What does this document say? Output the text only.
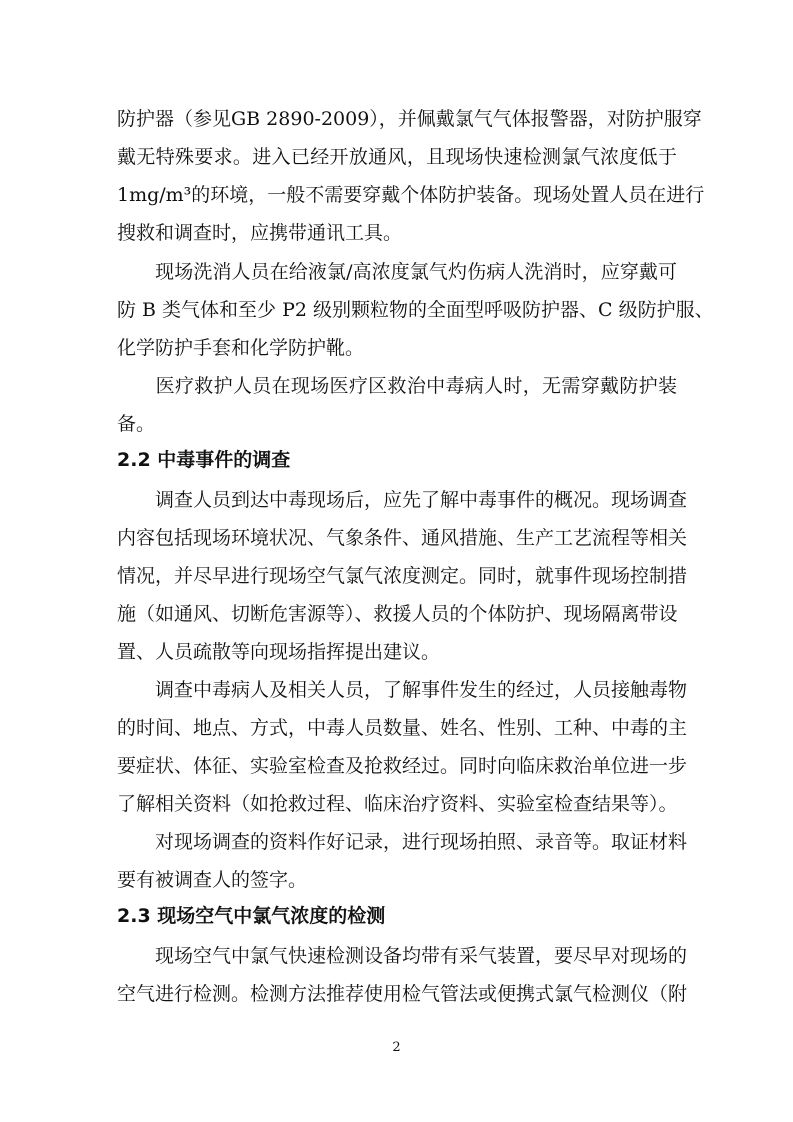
防护器（参见GB 2890-2009），并佩戴氯气气体报警器，对防护服穿
戴无特殊要求。进入已经开放通风，且现场快速检测氯气浓度低于
1mg/m³的环境，一般不需要穿戴个体防护装备。现场处置人员在进行
搜救和调查时，应携带通讯工具。
　　现场洗消人员在给液氯/高浓度氯气灼伤病人洗消时，应穿戴可
防 B 类气体和至少 P2 级别颗粒物的全面型呼吸防护器、C 级防护服、
化学防护手套和化学防护靴。
　　医疗救护人员在现场医疗区救治中毒病人时，无需穿戴防护装
备。
2.2 中毒事件的调查
　　调查人员到达中毒现场后，应先了解中毒事件的概况。现场调查
内容包括现场环境状况、气象条件、通风措施、生产工艺流程等相关
情况，并尽早进行现场空气氯气浓度测定。同时，就事件现场控制措
施（如通风、切断危害源等）、救援人员的个体防护、现场隔离带设
置、人员疏散等向现场指挥提出建议。
　　调查中毒病人及相关人员，了解事件发生的经过，人员接触毒物
的时间、地点、方式，中毒人员数量、姓名、性别、工种、中毒的主
要症状、体征、实验室检查及抢救经过。同时向临床救治单位进一步
了解相关资料（如抢救过程、临床治疗资料、实验室检查结果等）。
　　对现场调查的资料作好记录，进行现场拍照、录音等。取证材料
要有被调查人的签字。
2.3 现场空气中氯气浓度的检测
　　现场空气中氯气快速检测设备均带有采气装置，要尽早对现场的
空气进行检测。检测方法推荐使用检气管法或便携式氯气检测仪（附
2
